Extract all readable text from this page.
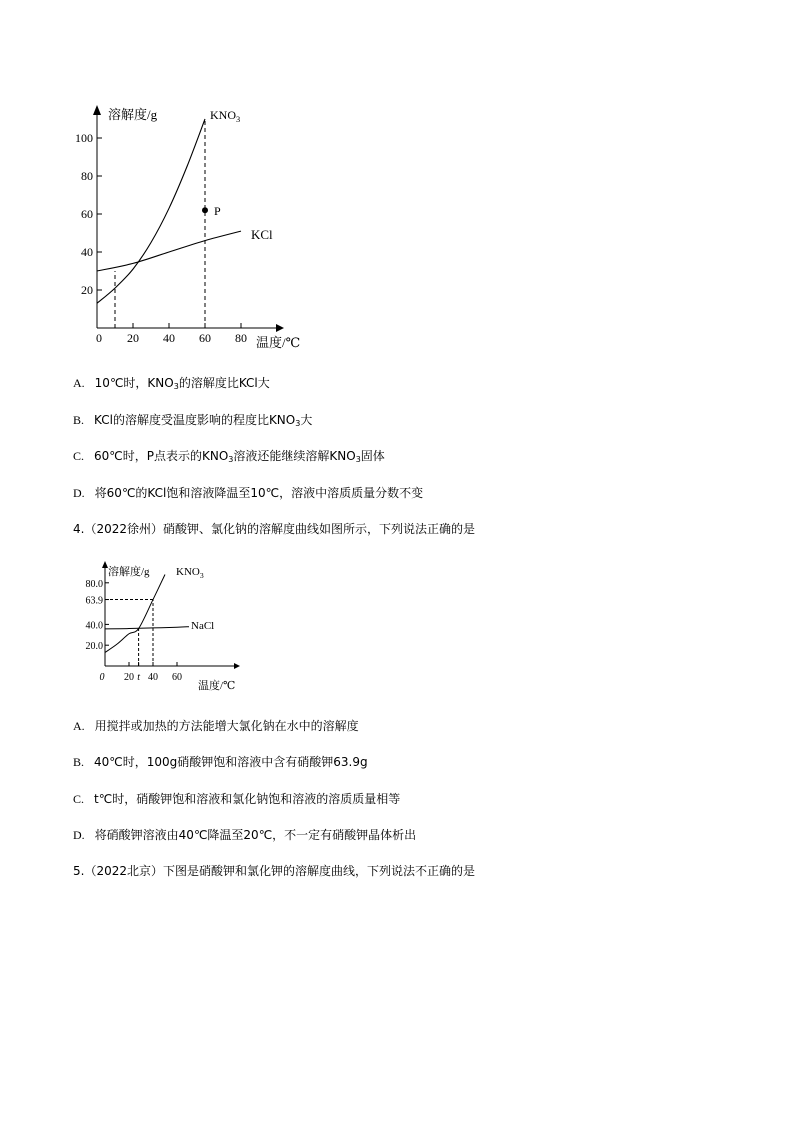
P
20
40
60
80
100
0 20 40 60 80
溶解度/g
温度/℃
$KNO_3$
KCl
A. 10℃时，$KNO_3$的溶解度比KCl大
B. KCl的溶解度受温度影响的程度比$KNO_3$大
C. 60℃时，P点表示的$KNO_3$溶液还能继续溶解$KNO_3$固体
D. 将60℃的KCl饱和溶液降温至10℃，溶液中溶质质量分数不变
4.（2022徐州）硝酸钾、氯化钠的溶解度曲线如图所示，下列说法正确的是
20.0
40.0
63.9
80.0
0 20 t 40 60
溶解度/g
温度/℃
$KNO_3$
NaCl
A. 用搅拌或加热的方法能增大氯化钠在水中的溶解度
B. 40℃时，100g硝酸钾饱和溶液中含有硝酸钾63.9g
C. t℃时，硝酸钾饱和溶液和氯化钠饱和溶液的溶质质量相等
D. 将硝酸钾溶液由40℃降温至20℃，不一定有硝酸钾晶体析出
5.（2022北京）下图是硝酸钾和氯化钾的溶解度曲线，下列说法不正确的是
